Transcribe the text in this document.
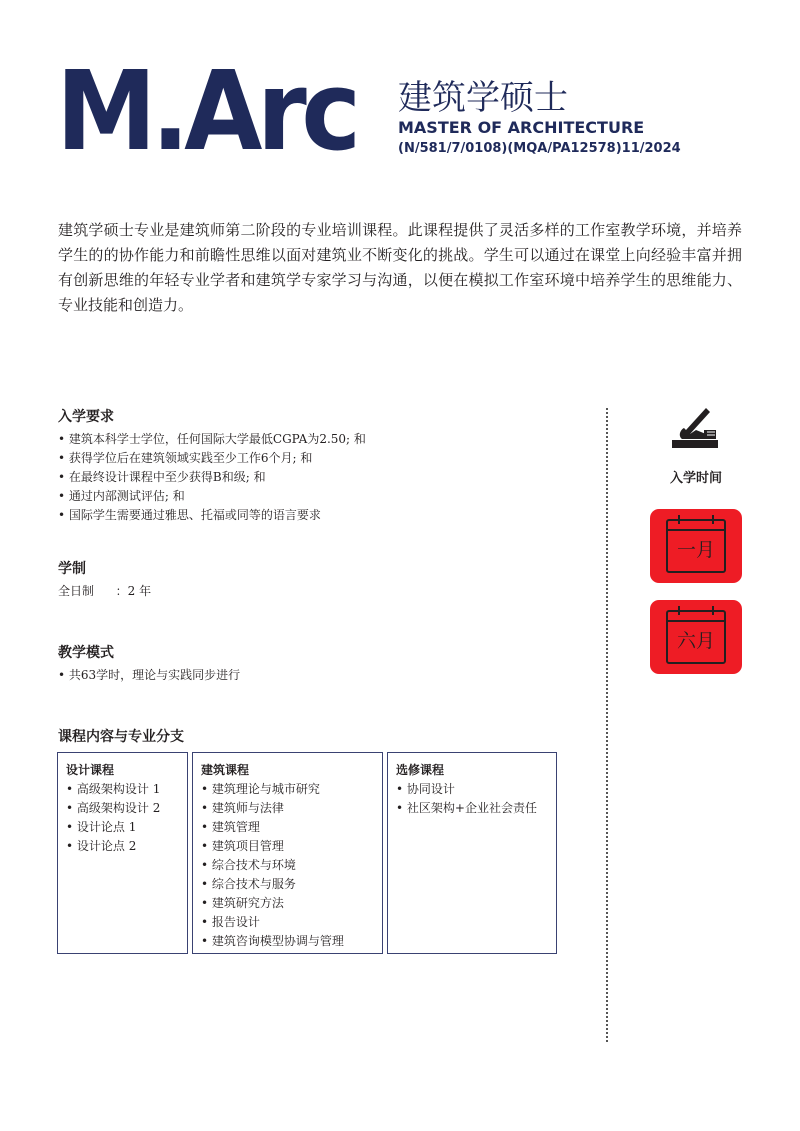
M.Arc 建筑学硕士
MASTER OF ARCHITECTURE
(N/581/7/0108)(MQA/PA12578)11/2024
建筑学硕士专业是建筑师第二阶段的专业培训课程。此课程提供了灵活多样的工作室教学环境，并培养学生的的协作能力和前瞻性思维以面对建筑业不断变化的挑战。学生可以通过在课堂上向经验丰富并拥有创新思维的年轻专业学者和建筑学专家学习与沟通，以便在模拟工作室环境中培养学生的思维能力、专业技能和创造力。
入学要求
• 建筑本科学士学位，任何国际大学最低CGPA为2.50; 和
• 获得学位后在建筑领域实践至少工作6个月; 和
• 在最终设计课程中至少获得B和级; 和
• 通过内部测试评估; 和
• 国际学生需要通过雅思、托福或同等的语言要求
学制
全日制 ：2 年
教学模式
• 共63学时，理论与实践同步进行
课程内容与专业分支
设计课程
• 高级架构设计 1
• 高级架构设计 2
• 设计论点 1
• 设计论点 2
建筑课程
• 建筑理论与城市研究
• 建筑师与法律
• 建筑管理
• 建筑项目管理
• 综合技术与环境
• 综合技术与服务
• 建筑研究方法
• 报告设计
• 建筑咨询模型协调与管理
选修课程
• 协同设计
• 社区架构+企业社会责任
入学时间
一月
六月
